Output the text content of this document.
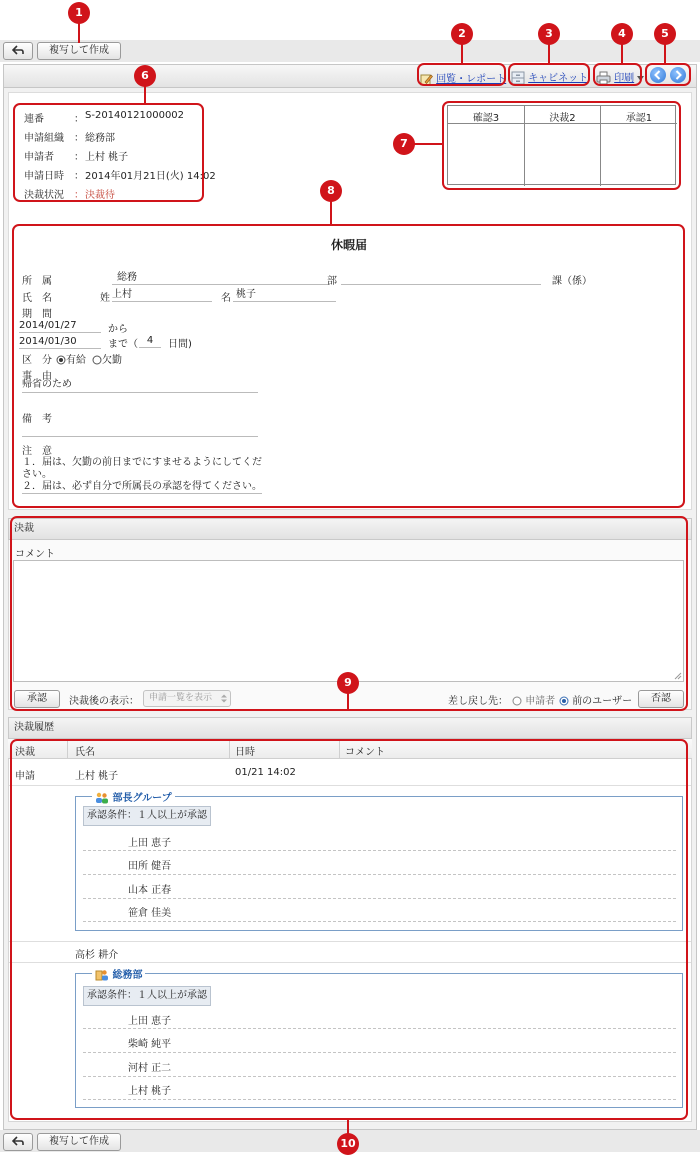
複写して作成
回覧・レポート	キャビネット	印刷
連番	： S-20140121000002
申請組織 ： 総務部
申請者 ： 上村 桃子
申請日時 ： 2014年01月21日(火) 14:02
決裁状況 ： 決裁待
確認3	決裁2	承認1
休暇届
所　属	総務	部	課（係）
氏　名	姓 上村	名 桃子
期　間
2014/01/27	から
2014/01/30	まで（ 4	日間)
区　分	有給	欠勤
事　由
帰省のため
備　考
注　意
１．届は、欠勤の前日までにすませるようにしてください。
２．届は、必ず自分で所属長の承認を得てください。
決裁
コメント
承認	決裁後の表示：	申請一覧を表示	差し戻し先：	申請者	前のユーザー	否認
決裁履歴
決裁	氏名	日時	コメント
申請	上村 桃子	01/21 14:02
部長グループ
承認条件：１人以上が承認
上田 恵子
田所 健吾
山本 正春
笹倉 佳美
高杉 耕介
総務部
承認条件：１人以上が承認
上田 恵子
柴崎 純平
河村 正二
上村 桃子
複写して作成
1
2	3	4	5
6
7
8
9
10
